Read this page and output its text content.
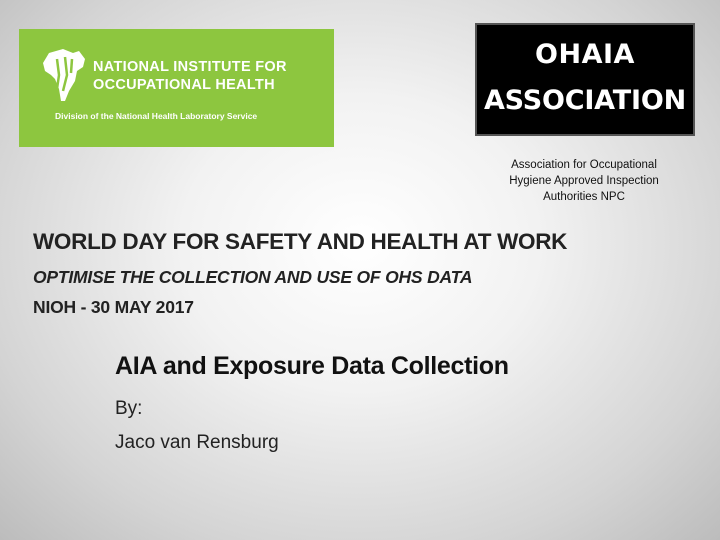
NATIONAL INSTITUTE FOR
OCCUPATIONAL HEALTH
Division of the National Health Laboratory Service
OHAIA
ASSOCIATION
Association for Occupational
Hygiene Approved Inspection
Authorities NPC
WORLD DAY FOR SAFETY AND HEALTH AT WORK
OPTIMISE THE COLLECTION AND USE OF OHS DATA
NIOH - 30 MAY 2017
AIA and Exposure Data Collection
By:
Jaco van Rensburg
